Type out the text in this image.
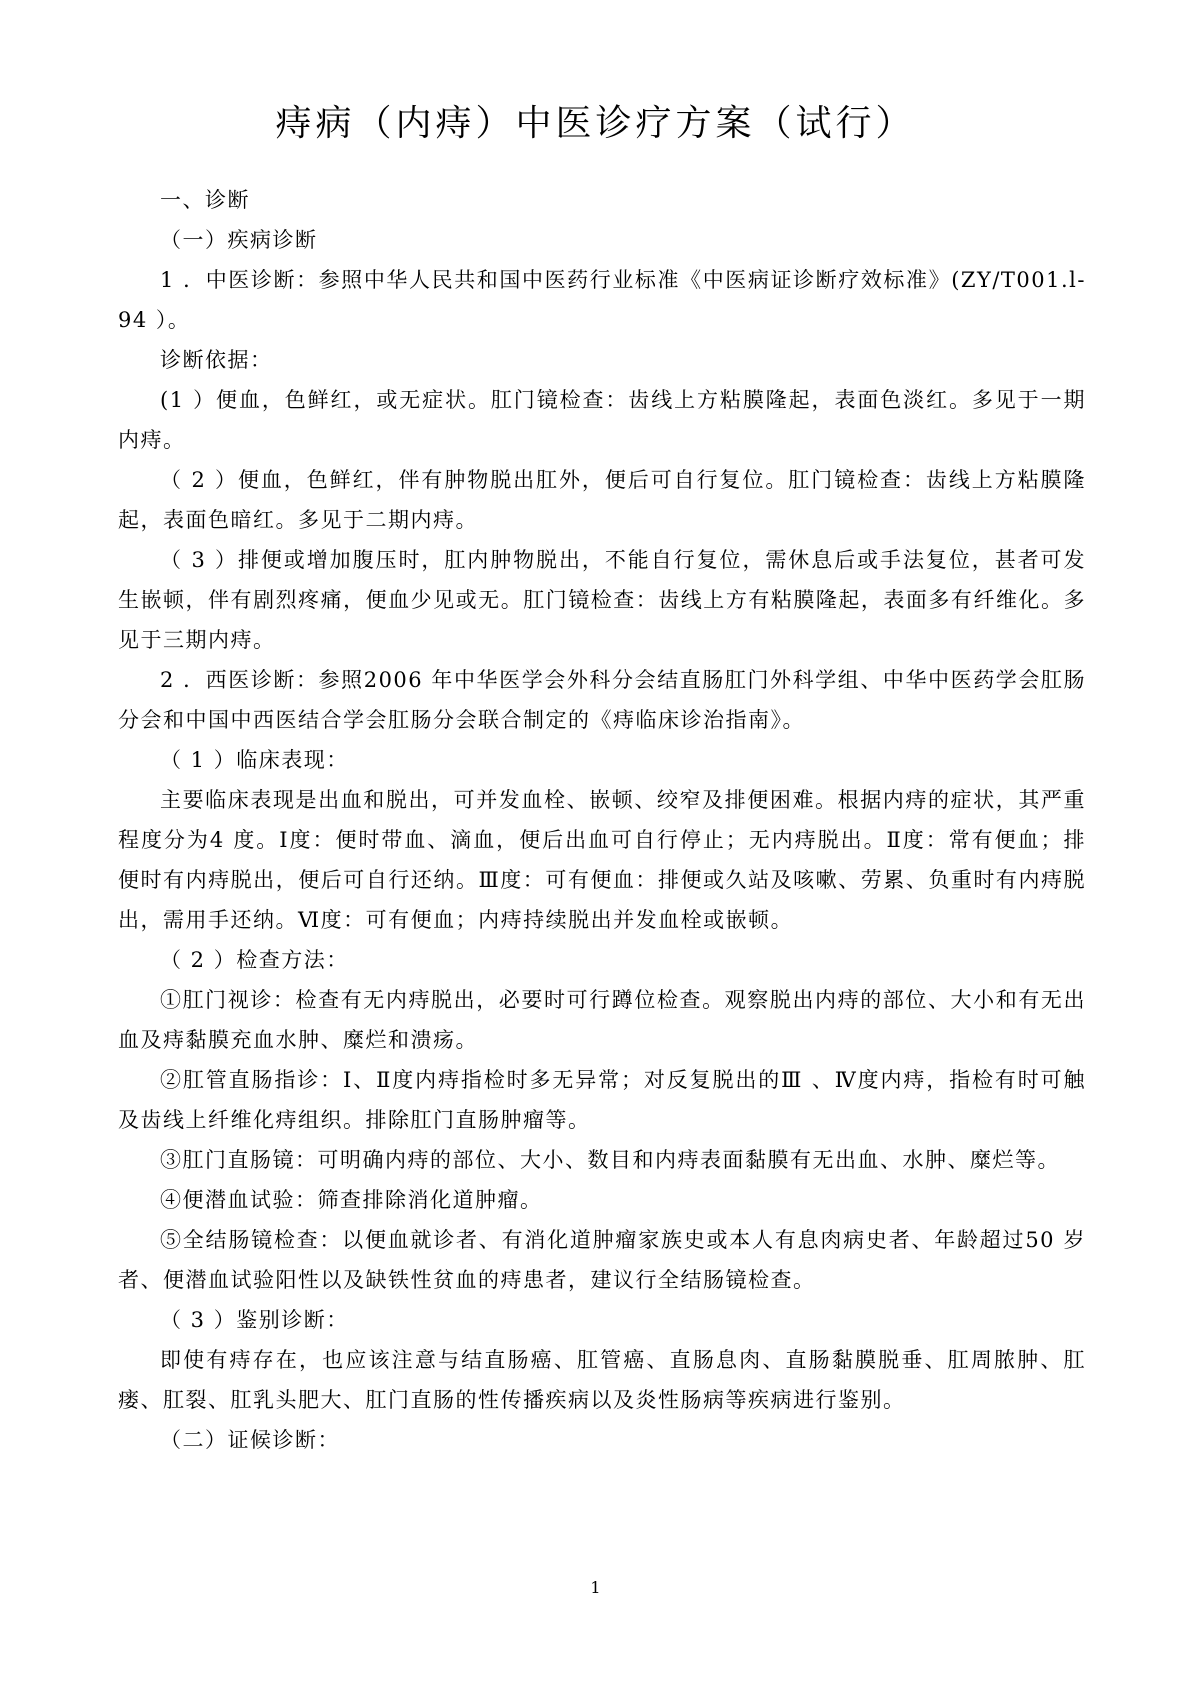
痔病（内痔）中医诊疗方案（试行）

一、诊断

（一）疾病诊断

1 ．中医诊断：参照中华人民共和国中医药行业标准《中医病证诊断疗效标准》(ZY/T001.l-94 ）。

诊断依据：

(1 ）便血，色鲜红，或无症状。肛门镜检查：齿线上方粘膜隆起，表面色淡红。多见于一期内痔。

（ 2 ）便血，色鲜红，伴有肿物脱出肛外，便后可自行复位。肛门镜检查：齿线上方粘膜隆起，表面色暗红。多见于二期内痔。

（ 3 ）排便或增加腹压时，肛内肿物脱出，不能自行复位，需休息后或手法复位，甚者可发生嵌顿，伴有剧烈疼痛，便血少见或无。肛门镜检查：齿线上方有粘膜隆起，表面多有纤维化。多见于三期内痔。

2 ．西医诊断：参照2006 年中华医学会外科分会结直肠肛门外科学组、中华中医药学会肛肠分会和中国中西医结合学会肛肠分会联合制定的《痔临床诊治指南》。

（ 1 ）临床表现：

主要临床表现是出血和脱出，可并发血栓、嵌顿、绞窄及排便困难。根据内痔的症状，其严重程度分为4 度。Ⅰ度：便时带血、滴血，便后出血可自行停止；无内痔脱出。Ⅱ度：常有便血；排便时有内痔脱出，便后可自行还纳。Ⅲ度：可有便血：排便或久站及咳嗽、劳累、负重时有内痔脱出，需用手还纳。Ⅵ度：可有便血；内痔持续脱出并发血栓或嵌顿。

（ 2 ）检查方法：

①肛门视诊：检查有无内痔脱出，必要时可行蹲位检查。观察脱出内痔的部位、大小和有无出血及痔黏膜充血水肿、糜烂和溃疡。

②肛管直肠指诊：Ⅰ、Ⅱ度内痔指检时多无异常；对反复脱出的Ⅲ 、Ⅳ度内痔，指检有时可触及齿线上纤维化痔组织。排除肛门直肠肿瘤等。

③肛门直肠镜：可明确内痔的部位、大小、数目和内痔表面黏膜有无出血、水肿、糜烂等。

④便潜血试验：筛查排除消化道肿瘤。

⑤全结肠镜检查：以便血就诊者、有消化道肿瘤家族史或本人有息肉病史者、年龄超过50 岁者、便潜血试验阳性以及缺铁性贫血的痔患者，建议行全结肠镜检查。

（ 3 ）鉴别诊断：

即使有痔存在，也应该注意与结直肠癌、肛管癌、直肠息肉、直肠黏膜脱垂、肛周脓肿、肛瘘、肛裂、肛乳头肥大、肛门直肠的性传播疾病以及炎性肠病等疾病进行鉴别。

（二）证候诊断：

1
